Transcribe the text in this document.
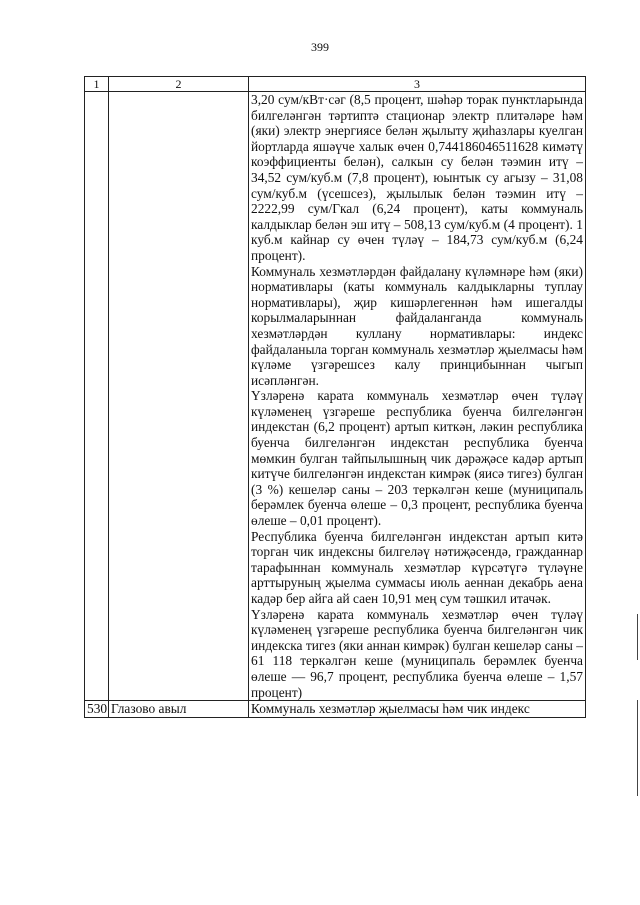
399
1	2	3

		3,20 сум/кВт·сәг (8,5 процент, шәһәр торак пунктларында билгеләнгән тәртиптә стационар электр плитәләре һәм (яки) электр энергиясе белән җылыту җиһазлары куелган йортларда яшәүче халык өчен 0,744186046511628 кимәтү коэффициенты белән), салкын су белән тәэмин итү – 34,52 сум/куб.м (7,8 процент), юынтык су агызу – 31,08 сум/куб.м (үсешсез), җылылык белән тәэмин итү – 2222,99 сум/Гкал (6,24 процент), каты коммуналь калдыклар белән эш итү – 508,13 сум/куб.м (4 процент). 1 куб.м кайнар су өчен түләү – 184,73 сум/куб.м (6,24 процент).

Коммуналь хезмәтләрдән файдалану күләмнәре һәм (яки) нормативлары (каты коммуналь калдыкларны туплау нормативлары), җир кишәрлегеннән һәм ишегалды корылмаларыннан файдаланганда коммуналь хезмәтләрдән куллану нормативлары: индекс файдаланыла торган коммуналь хезмәтләр җыелмасы һәм күләме үзгәрешсез калу принцибыннан чыгып исәпләнгән.

Үзләренә карата коммуналь хезмәтләр өчен түләү күләменең үзгәреше республика буенча билгеләнгән индекстан (6,2 процент) артып киткән, ләкин республика буенча билгеләнгән индекстан республика буенча мөмкин булган тайпылышның чик дәрәҗәсе кадәр артып китүче билгеләнгән индекстан кимрәк (яисә тигез) булган (3 %) кешеләр саны – 203 теркәлгән кеше (муниципаль берәмлек буенча өлеше – 0,3 процент, республика буенча өлеше – 0,01 процент).

Республика буенча билгеләнгән индекстан артып китә торган чик индексны билгеләү нәтиҗәсендә, гражданнар тарафыннан коммуналь хезмәтләр күрсәтүгә түләүне арттыруның җыелма суммасы июль аеннан декабрь аена кадәр бер айга ай саен 10,91 мең сум тәшкил итачәк.

Үзләренә карата коммуналь хезмәтләр өчен түләү күләменең үзгәреше республика буенча билгеләнгән чик индекска тигез (яки аннан кимрәк) булган кешеләр саны – 61 118 теркәлгән кеше (муниципаль берәмлек буенча өлеше — 96,7 процент, республика буенча өлеше – 1,57 процент)

530	Глазово авыл	Коммуналь хезмәтләр җыелмасы һәм чик индекс
